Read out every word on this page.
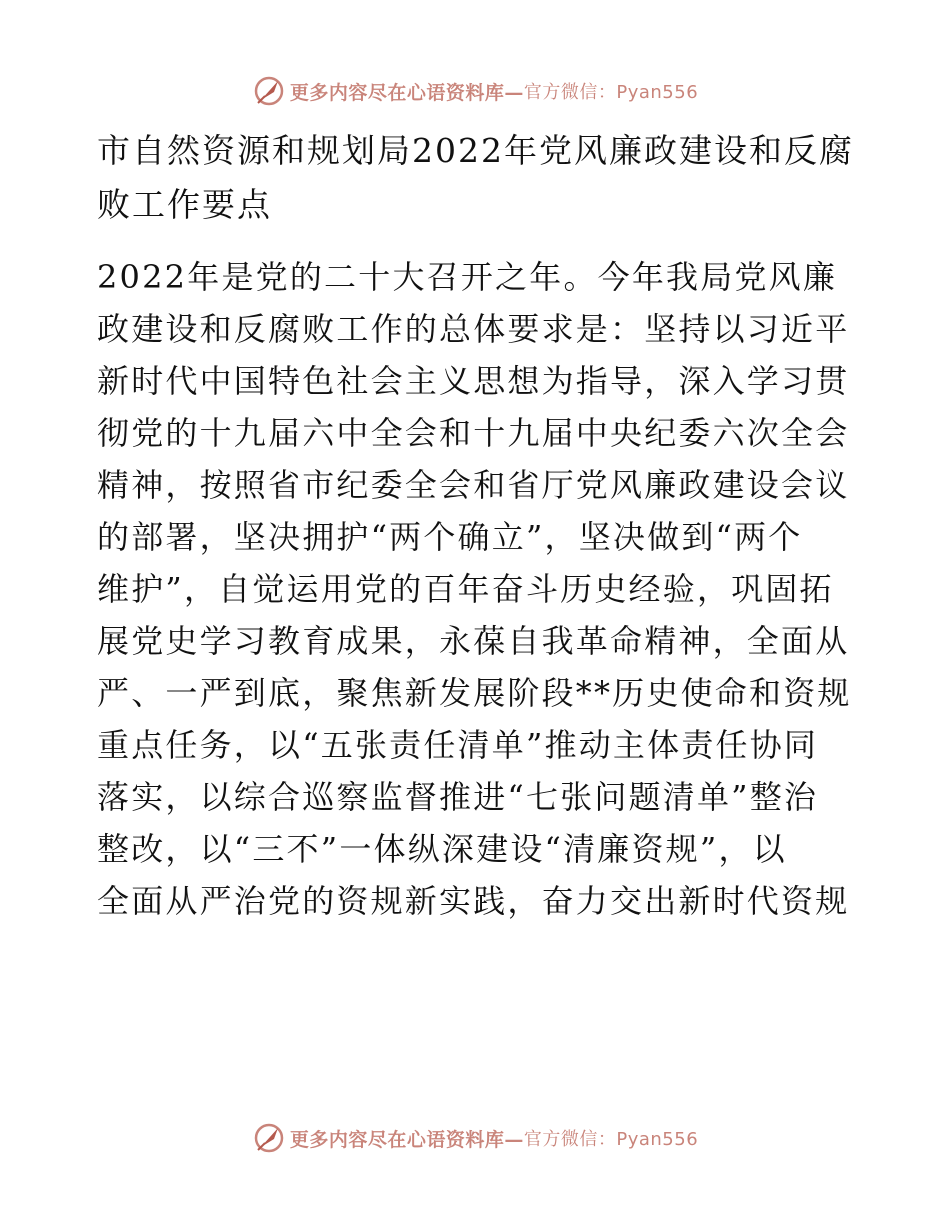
更多内容尽在心语资料库— 官方微信：Pyan556
市自然资源和规划局2022年党风廉政建设和反腐
败工作要点
2022年是党的二十大召开之年。今年我局党风廉
政建设和反腐败工作的总体要求是：坚持以习近平
新时代中国特色社会主义思想为指导，深入学习贯
彻党的十九届六中全会和十九届中央纪委六次全会
精神，按照省市纪委全会和省厅党风廉政建设会议
的部署，坚决拥护“两个确立”，坚决做到“两个
维护”，自觉运用党的百年奋斗历史经验，巩固拓
展党史学习教育成果，永葆自我革命精神，全面从
严、一严到底，聚焦新发展阶段**历史使命和资规
重点任务，以“五张责任清单”推动主体责任协同
落实，以综合巡察监督推进“七张问题清单”整治
整改，以“三不”一体纵深建设“清廉资规”，以
全面从严治党的资规新实践，奋力交出新时代资规
更多内容尽在心语资料库— 官方微信：Pyan556
